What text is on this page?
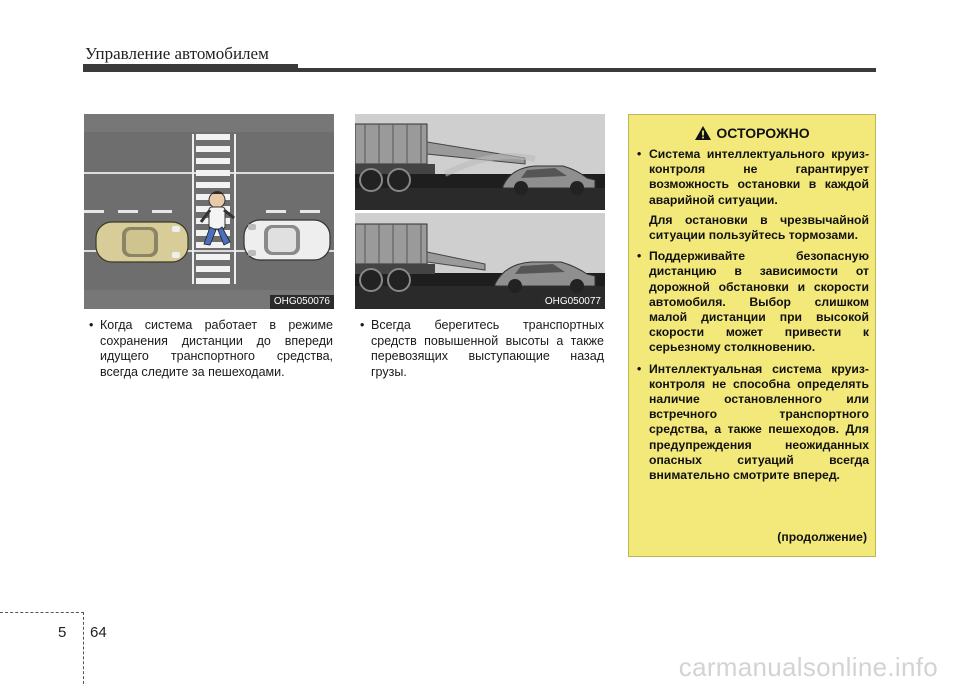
Управление автомобилем
OHG050076	OHG050077
• Когда система работает в режиме сохранения дистанции до впереди идущего транспортного средства, всегда следите за пешеходами.
• Всегда берегитесь транспортных средств повышенной высоты а также перевозящих выступающие назад грузы.
ОСТОРОЖНО
• Система интеллектуального круиз-контроля не гарантирует возможность остановки в каждой аварийной ситуации.

Для остановки в чрезвычайной ситуации пользуйтесь тормозами.

• Поддерживайте безопасную дистанцию в зависимости от дорожной обстановки и скорости автомобиля. Выбор слишком малой дистанции при высокой скорости может привести к серьезному столкновению.

• Интеллектуальная система круиз-контроля не способна определять наличие остановленного или встречного транспортного средства, а также пешеходов. Для предупреждения неожиданных опасных ситуаций всегда внимательно смотрите вперед.

(продолжение)
5 64
carmanualsonline.info
